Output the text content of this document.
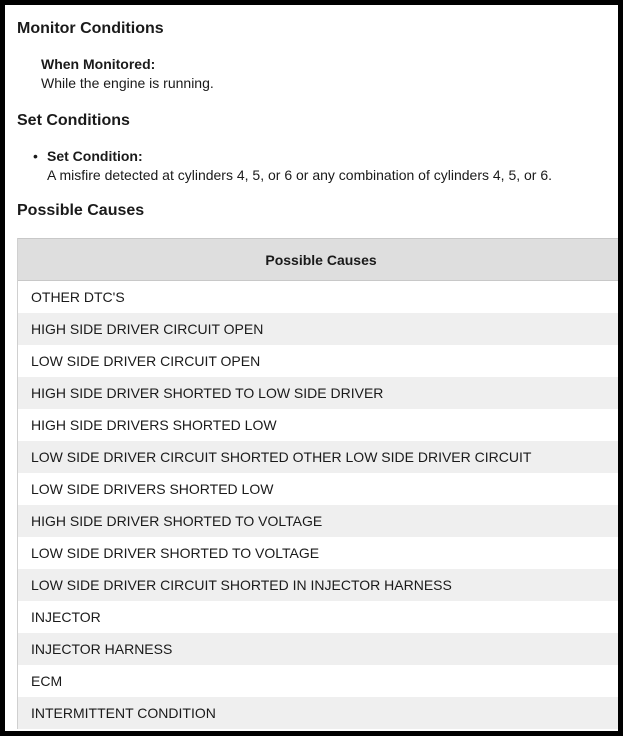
Monitor Conditions
When Monitored:
While the engine is running.
Set Conditions
• Set Condition:
A misfire detected at cylinders 4, 5, or 6 or any combination of cylinders 4, 5, or 6.
Possible Causes
Possible Causes
OTHER DTC'S
HIGH SIDE DRIVER CIRCUIT OPEN
LOW SIDE DRIVER CIRCUIT OPEN
HIGH SIDE DRIVER SHORTED TO LOW SIDE DRIVER
HIGH SIDE DRIVERS SHORTED LOW
LOW SIDE DRIVER CIRCUIT SHORTED OTHER LOW SIDE DRIVER CIRCUIT
LOW SIDE DRIVERS SHORTED LOW
HIGH SIDE DRIVER SHORTED TO VOLTAGE
LOW SIDE DRIVER SHORTED TO VOLTAGE
LOW SIDE DRIVER CIRCUIT SHORTED IN INJECTOR HARNESS
INJECTOR
INJECTOR HARNESS
ECM
INTERMITTENT CONDITION
